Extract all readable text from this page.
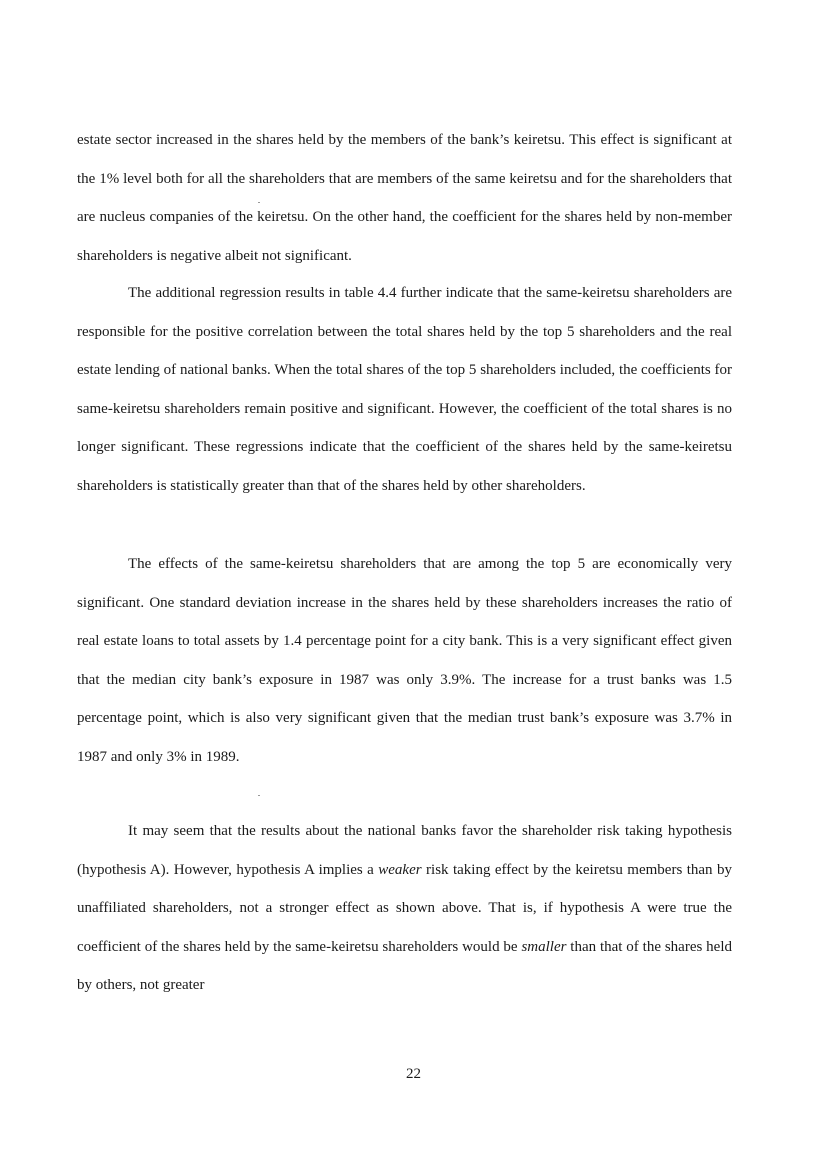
estate sector increased in the shares held by the members of the bank’s keiretsu. This effect is significant at the 1% level both for all the shareholders that are members of the same keiretsu and for the shareholders that are nucleus companies of the keiretsu. On the other hand, the coefficient for the shares held by non-member shareholders is negative albeit not significant.

The additional regression results in table 4.4 further indicate that the same-keiretsu shareholders are responsible for the positive correlation between the total shares held by the top 5 shareholders and the real estate lending of national banks. When the total shares of the top 5 shareholders included, the coefficients for same-keiretsu shareholders remain positive and significant. However, the coefficient of the total shares is no longer significant. These regressions indicate that the coefficient of the shares held by the same-keiretsu shareholders is statistically greater than that of the shares held by other shareholders.

The effects of the same-keiretsu shareholders that are among the top 5 are economically very significant. One standard deviation increase in the shares held by these shareholders increases the ratio of real estate loans to total assets by 1.4 percentage point for a city bank. This is a very significant effect given that the median city bank’s exposure in 1987 was only 3.9%. The increase for a trust banks was 1.5 percentage point, which is also very significant given that the median trust bank’s exposure was 3.7% in 1987 and only 3% in 1989.

It may seem that the results about the national banks favor the shareholder risk taking hypothesis (hypothesis A). However, hypothesis A implies a weaker risk taking effect by the keiretsu members than by unaffiliated shareholders, not a stronger effect as shown above. That is, if hypothesis A were true the coefficient of the shares held by the same-keiretsu shareholders would be smaller than that of the shares held by others, not greater

22
